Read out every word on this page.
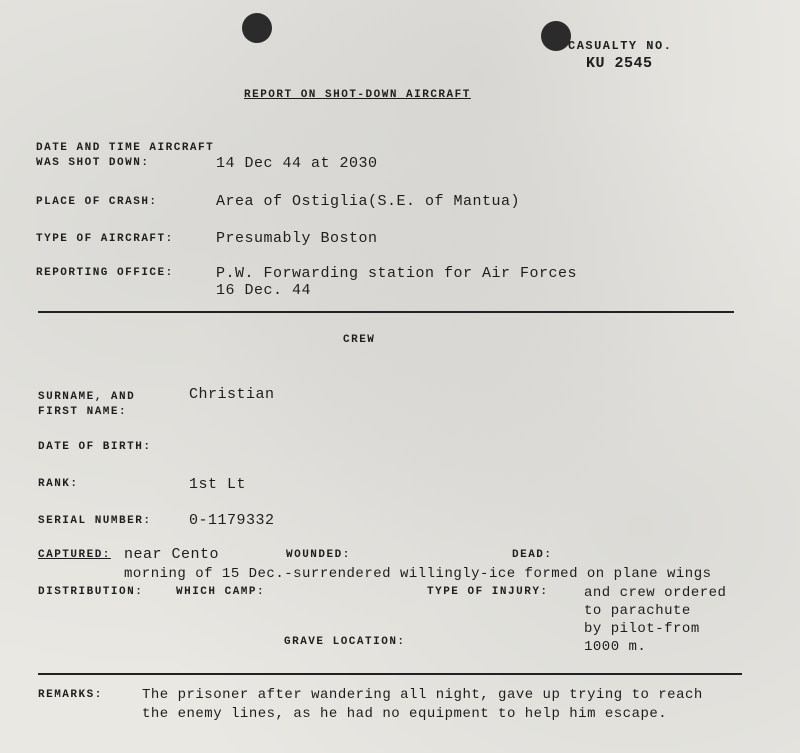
CASUALTY NO.
KU 2545
REPORT ON SHOT-DOWN AIRCRAFT
DATE AND TIME AIRCRAFT
WAS SHOT DOWN:	14 Dec 44 at 2030
PLACE OF CRASH:	Area of Ostiglia(S.E. of Mantua)
TYPE OF AIRCRAFT:	Presumably Boston
REPORTING OFFICE:	P.W. Forwarding station for Air Forces
16 Dec. 44
CREW
SURNAME, AND
FIRST NAME:
Christian
DATE OF BIRTH:
RANK:	1st Lt
SERIAL NUMBER:	0-1179332
CAPTURED: near Cento	WOUNDED:	DEAD:
morning of 15 Dec.-surrendered willingly-ice formed on plane wings
DISTRIBUTION:	WHICH CAMP:	TYPE OF INJURY:	and crew ordered
to parachute
by pilot-from
1000 m.
GRAVE LOCATION:
REMARKS:	The prisoner after wandering all night, gave up trying to reach
the enemy lines, as he had no equipment to help him escape.
